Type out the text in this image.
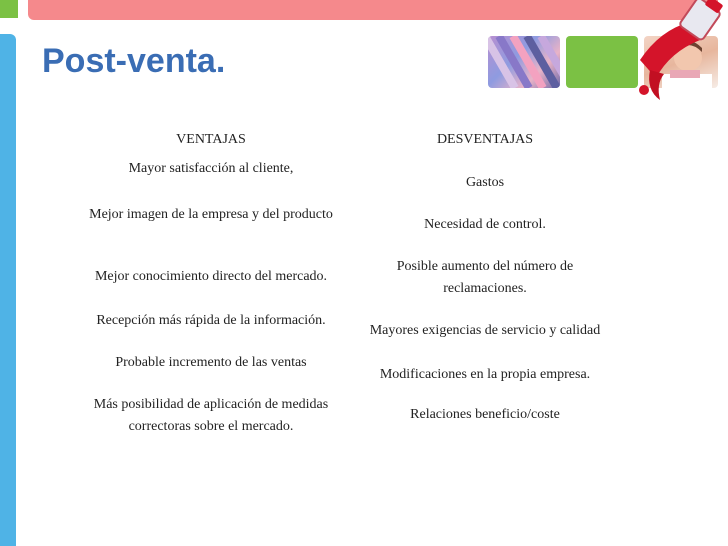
Post-venta.
VENTAJAS
Mayor satisfacción al cliente,
Mejor imagen de la empresa y del producto
Mejor conocimiento directo del mercado.
Recepción más rápida de la información.
Probable incremento de las ventas
Más posibilidad de aplicación de medidas correctoras sobre el mercado.
DESVENTAJAS
Gastos
Necesidad de control.
Posible aumento del número de reclamaciones.
Mayores exigencias de servicio y calidad
Modificaciones en la propia empresa.
Relaciones beneficio/coste
